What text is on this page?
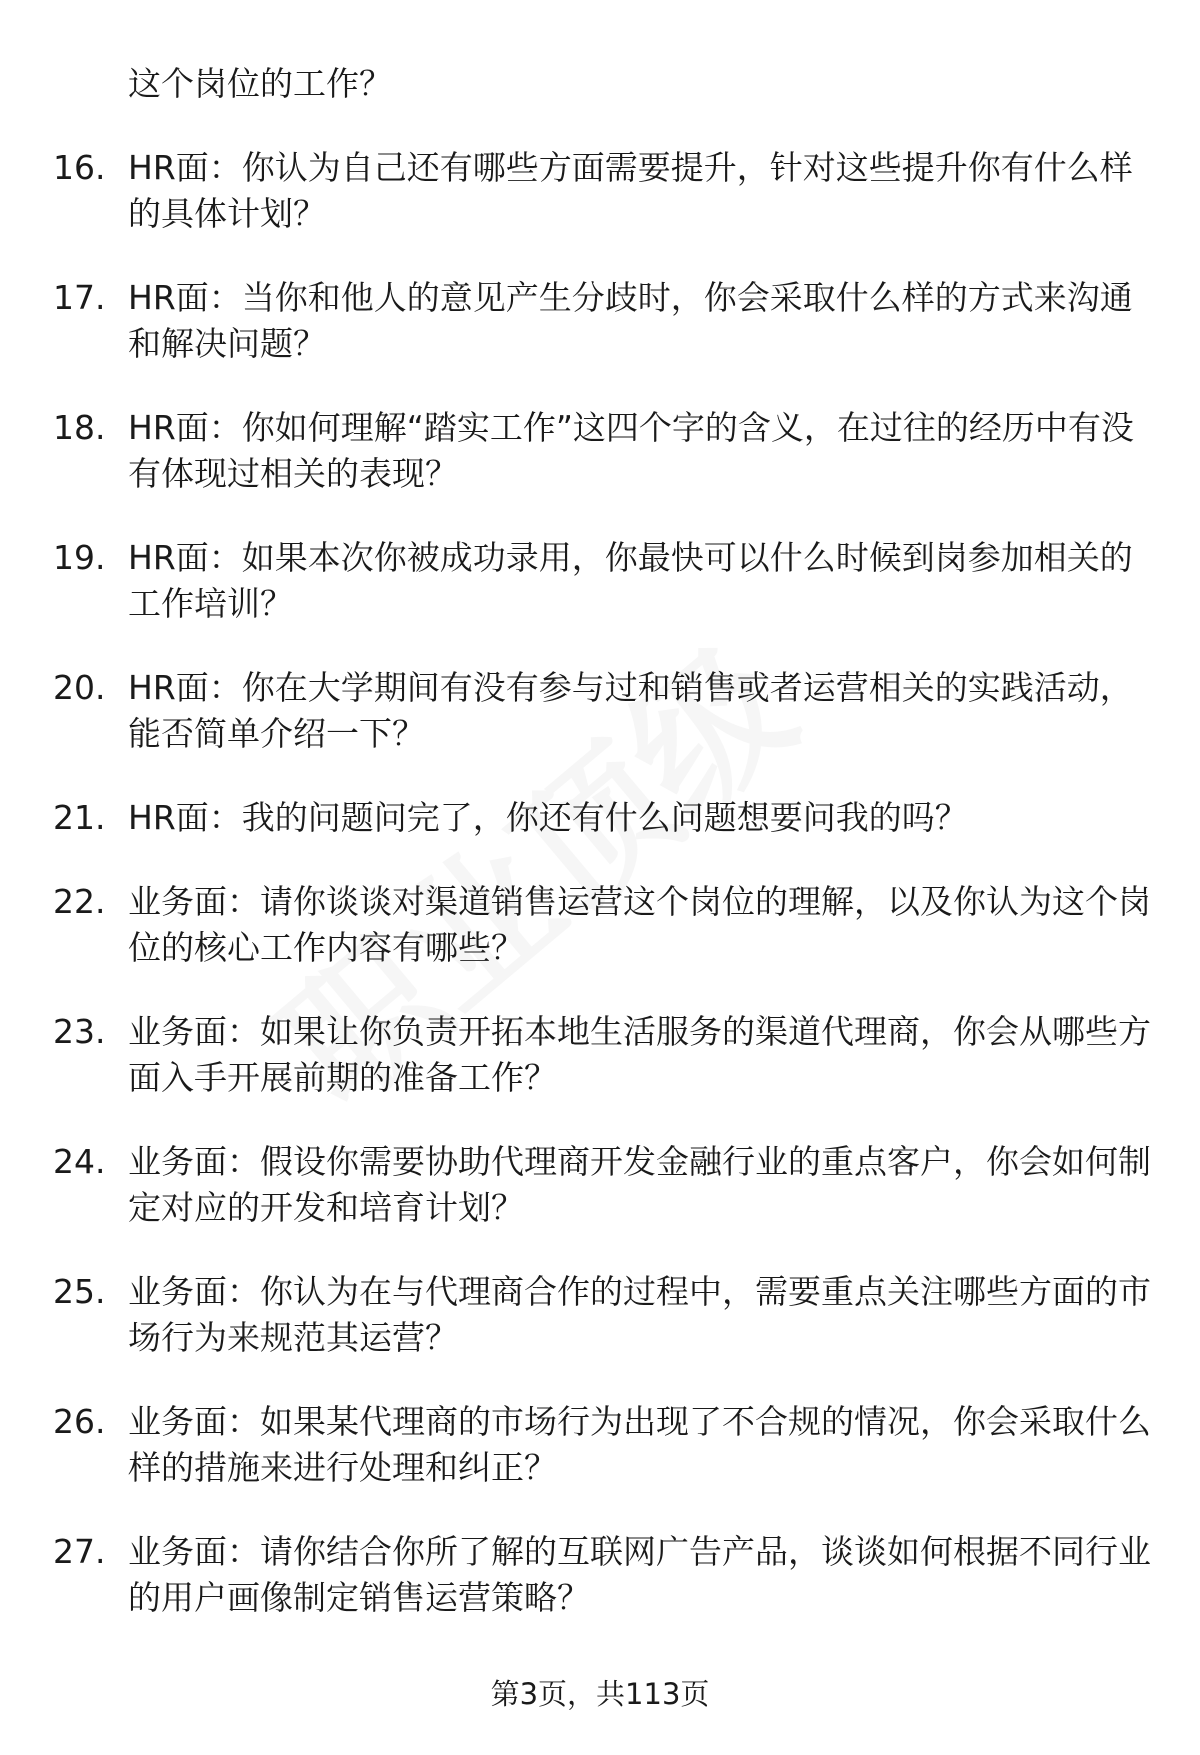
这个岗位的工作？
16. HR面：你认为自己还有哪些方面需要提升，针对这些提升你有什么样的具体计划？
17. HR面：当你和他人的意见产生分歧时，你会采取什么样的方式来沟通和解决问题？
18. HR面：你如何理解“踏实工作”这四个字的含义，在过往的经历中有没有体现过相关的表现？
19. HR面：如果本次你被成功录用，你最快可以什么时候到岗参加相关的工作培训？
20. HR面：你在大学期间有没有参与过和销售或者运营相关的实践活动，能否简单介绍一下？
21. HR面：我的问题问完了，你还有什么问题想要问我的吗？
22. 业务面：请你谈谈对渠道销售运营这个岗位的理解，以及你认为这个岗位的核心工作内容有哪些？
23. 业务面：如果让你负责开拓本地生活服务的渠道代理商，你会从哪些方面入手开展前期的准备工作？
24. 业务面：假设你需要协助代理商开发金融行业的重点客户，你会如何制定对应的开发和培育计划？
25. 业务面：你认为在与代理商合作的过程中，需要重点关注哪些方面的市场行为来规范其运营？
26. 业务面：如果某代理商的市场行为出现了不合规的情况，你会采取什么样的措施来进行处理和纠正？
27. 业务面：请你结合你所了解的互联网广告产品，谈谈如何根据不同行业的用户画像制定销售运营策略？
第3页，共113页
